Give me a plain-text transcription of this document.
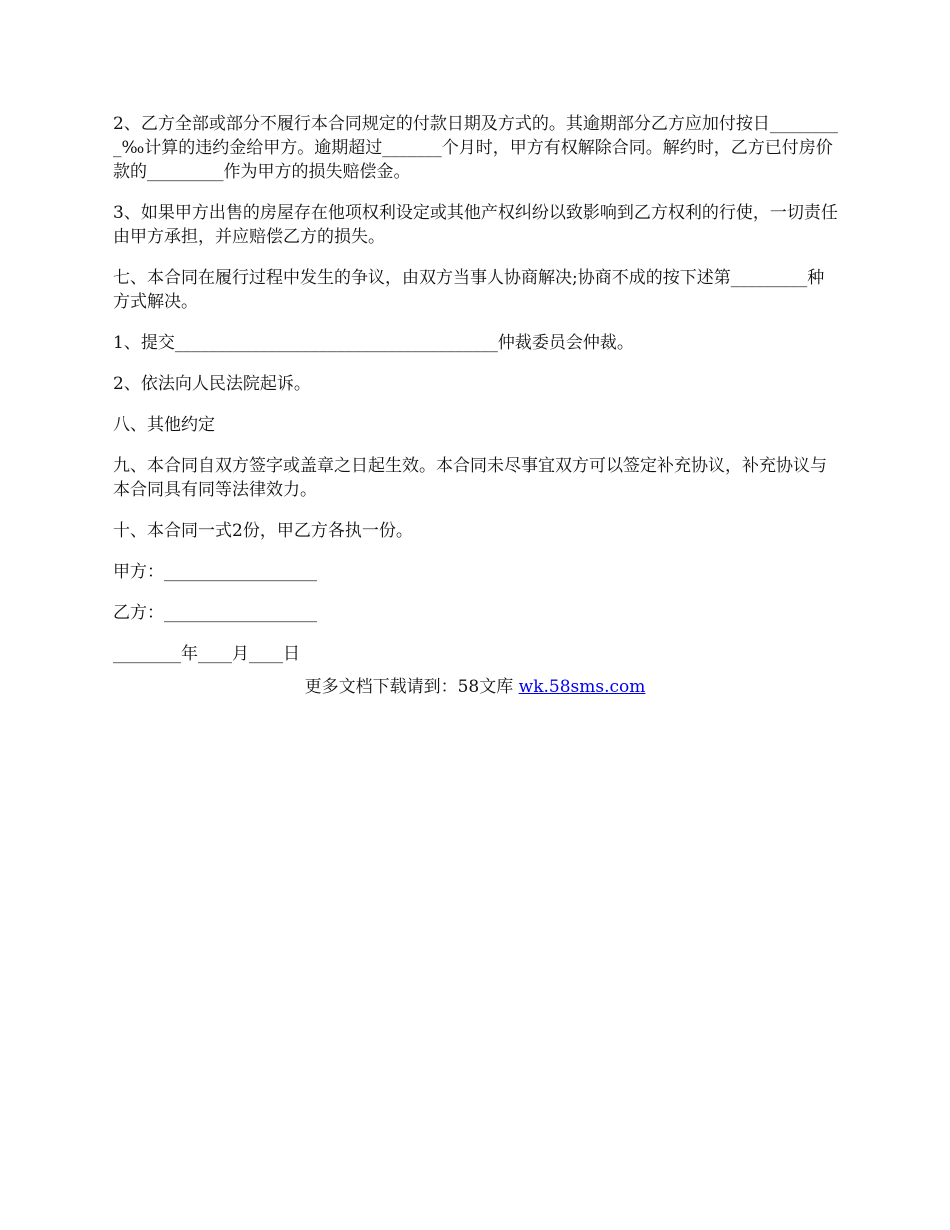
2、乙方全部或部分不履行本合同规定的付款日期及方式的。其逾期部分乙方应加付按日_________‰计算的违约金给甲方。逾期超过_______个月时，甲方有权解除合同。解约时，乙方已付房价款的_________作为甲方的损失赔偿金。

3、如果甲方出售的房屋存在他项权利设定或其他产权纠纷以致影响到乙方权利的行使，一切责任由甲方承担，并应赔偿乙方的损失。

七、本合同在履行过程中发生的争议，由双方当事人协商解决;协商不成的按下述第_________种方式解决。

1、提交______________________________________仲裁委员会仲裁。

2、依法向人民法院起诉。

八、其他约定

九、本合同自双方签字或盖章之日起生效。本合同未尽事宜双方可以签定补充协议，补充协议与本合同具有同等法律效力。

十、本合同一式2份，甲乙方各执一份。

甲方：__________________

乙方：__________________

________年____月____日

更多文档下载请到：58文库 wk.58sms.com
